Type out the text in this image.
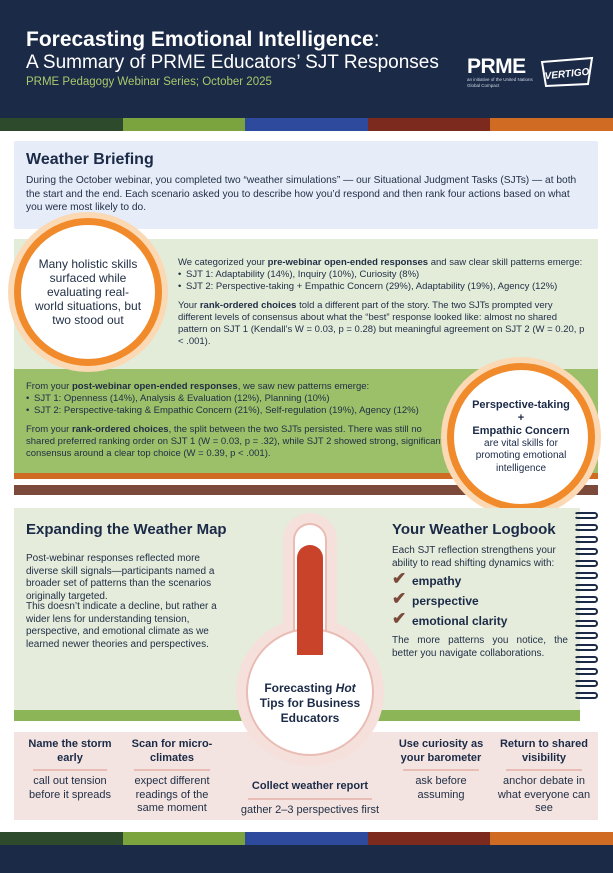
Forecasting Emotional Intelligence:
A Summary of PRME Educators’ SJT Responses
PRME Pedagogy Webinar Series; October 2025
PRME
an initiative of the United Nations Global Compact
VERTIGO
Weather Briefing
During the October webinar, you completed two “weather simulations” — our Situational Judgment Tasks (SJTs) — at both the start and the end. Each scenario asked you to describe how you’d respond and then rank four actions based on what you were most likely to do.
Many holistic skills surfaced while evaluating real-world situations, but two stood out
We categorized your pre-webinar open-ended responses and saw clear skill patterns emerge:
• SJT 1: Adaptability (14%), Inquiry (10%), Curiosity (8%)
• SJT 2: Perspective-taking + Empathic Concern (29%), Adaptability (19%), Agency (12%)
Your rank-ordered choices told a different part of the story. The two SJTs prompted very different levels of consensus about what the “best” response looked like: almost no shared pattern on SJT 1 (Kendall’s W = 0.03, p = 0.28) but meaningful agreement on SJT 2 (W = 0.20, p < .001).
From your post-webinar open-ended responses, we saw new patterns emerge:
• SJT 1: Openness (14%), Analysis & Evaluation (12%), Planning (10%)
• SJT 2: Perspective-taking & Empathic Concern (21%), Self-regulation (19%), Agency (12%)
From your rank-ordered choices, the split between the two SJTs persisted. There was still no shared preferred ranking order on SJT 1 (W = 0.03, p = .32), while SJT 2 showed strong, significant consensus around a clear top choice (W = 0.39, p < .001).
Perspective-taking
+
Empathic Concern
are vital skills for promoting emotional intelligence
Expanding the Weather Map
Post-webinar responses reflected more diverse skill signals—participants named a broader set of patterns than the scenarios originally targeted.
This doesn’t indicate a decline, but rather a wider lens for understanding tension, perspective, and emotional climate as we learned newer theories and perspectives.
Your Weather Logbook
Each SJT reflection strengthens your ability to read shifting dynamics with:
✔ empathy
✔ perspective
✔ emotional clarity
The more patterns you notice, the better you navigate collaborations.
Forecasting Hot Tips for Business Educators
Name the storm early
call out tension before it spreads
Scan for micro-climates
expect different readings of the same moment
Collect weather report
gather 2–3 perspectives first
Use curiosity as your barometer
ask before assuming
Return to shared visibility
anchor debate in what everyone can see
